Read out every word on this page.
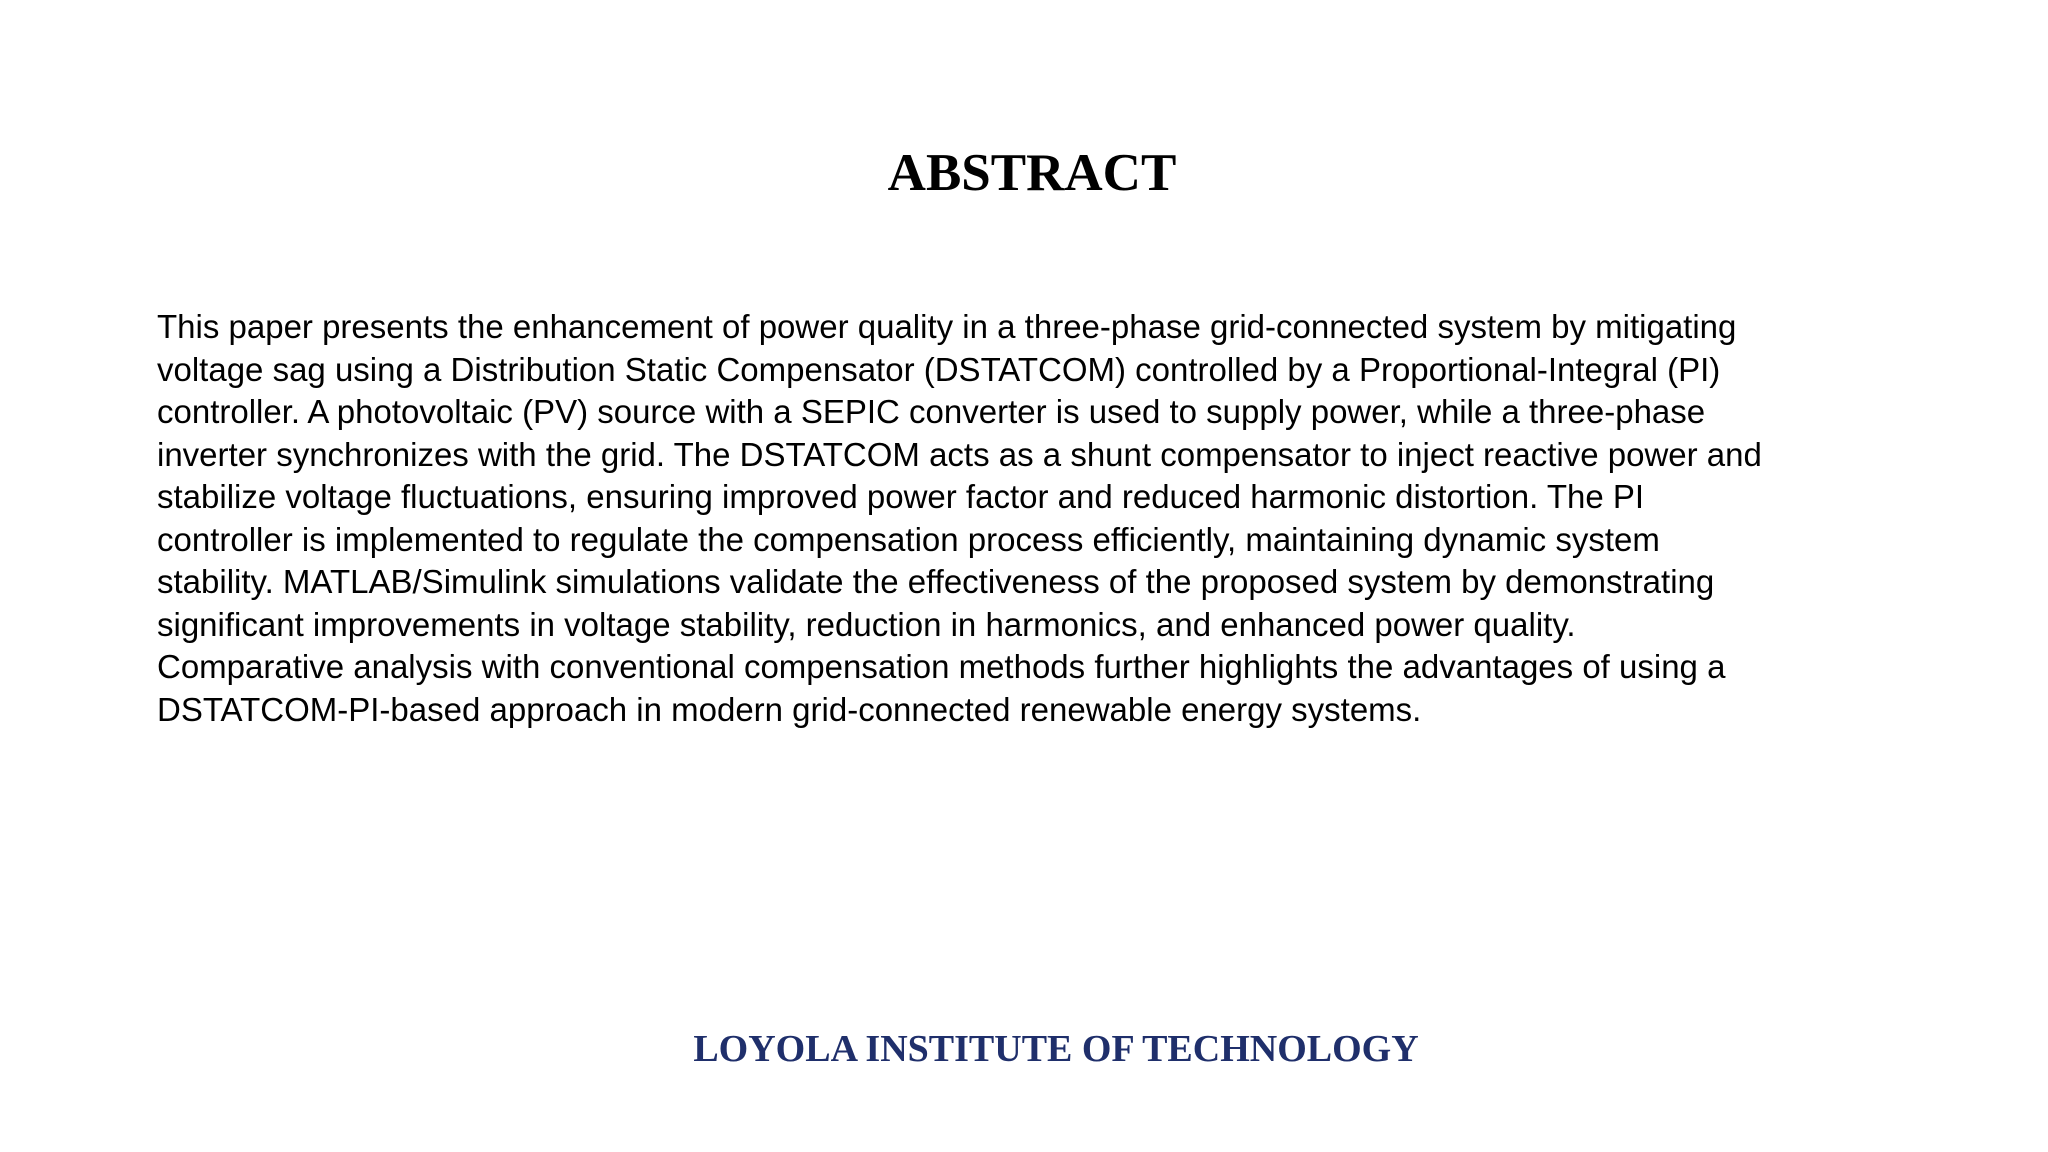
ABSTRACT
This paper presents the enhancement of power quality in a three-phase grid-connected system by mitigating
voltage sag using a Distribution Static Compensator (DSTATCOM) controlled by a Proportional-Integral (PI)
controller. A photovoltaic (PV) source with a SEPIC converter is used to supply power, while a three-phase
inverter synchronizes with the grid. The DSTATCOM acts as a shunt compensator to inject reactive power and
stabilize voltage fluctuations, ensuring improved power factor and reduced harmonic distortion. The PI
controller is implemented to regulate the compensation process efficiently, maintaining dynamic system
stability. MATLAB/Simulink simulations validate the effectiveness of the proposed system by demonstrating
significant improvements in voltage stability, reduction in harmonics, and enhanced power quality.
Comparative analysis with conventional compensation methods further highlights the advantages of using a
DSTATCOM-PI-based approach in modern grid-connected renewable energy systems.
LOYOLA INSTITUTE OF TECHNOLOGY
